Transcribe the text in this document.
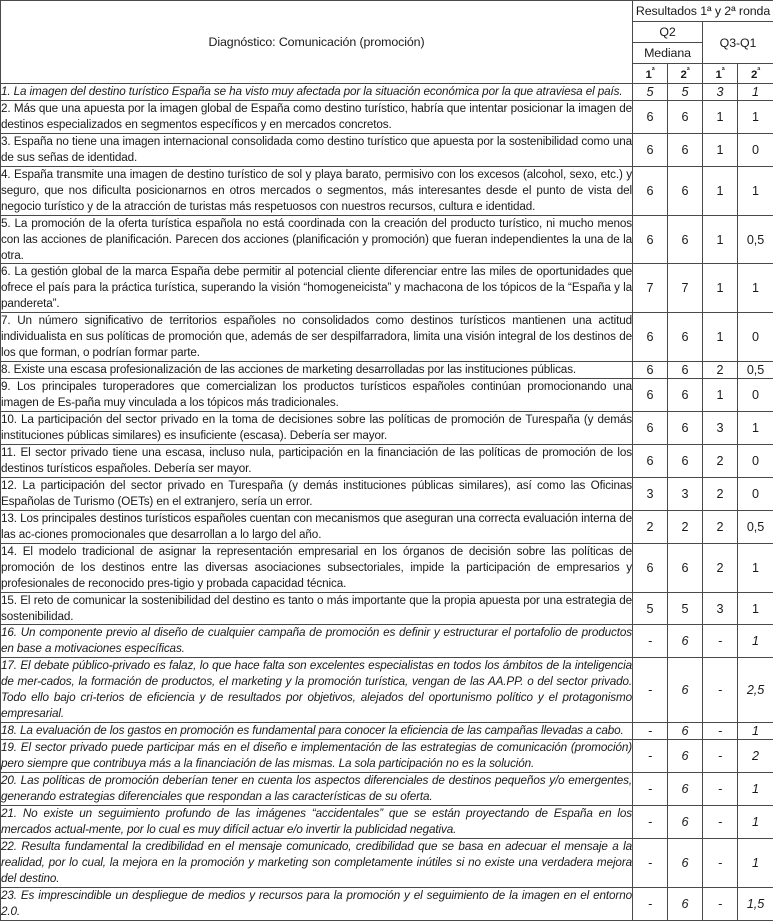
Diagnóstico: Comunicación (promoción)	Resultados 1ª y 2ª ronda			
	Q2		Q3-Q1	
	Mediana			
	$1^ª$	$2^ª$	$1^ª$	$2^ª$
1. La imagen del destino turístico España se ha visto muy afectada por la situación económica por la que atraviesa el país.	5	5	3	1
2. Más que una apuesta por la imagen global de España como destino turístico, habría que intentar posicionar la imagen de destinos especializados en segmentos específicos y en mercados concretos.	6	6	1	1
3. España no tiene una imagen internacional consolidada como destino turístico que apuesta por la sostenibilidad como una de sus señas de identidad.	6	6	1	0
4. España transmite una imagen de destino turístico de sol y playa barato, permisivo con los excesos (alcohol, sexo, etc.) y seguro, que nos dificulta posicionarnos en otros mercados o segmentos, más interesantes desde el punto de vista del negocio turístico y de la atracción de turistas más respetuosos con nuestros recursos, cultura e identidad.	6	6	1	1
5. La promoción de la oferta turística española no está coordinada con la creación del producto turístico, ni mucho menos con las acciones de planificación. Parecen dos acciones (planificación y promoción) que fueran independientes la una de la otra.	6	6	1	0,5
6. La gestión global de la marca España debe permitir al potencial cliente diferenciar entre las miles de oportunidades que ofrece el país para la práctica turística, superando la visión “homogeneicista” y machacona de los tópicos de la “España y la pandereta”.	7	7	1	1
7. Un número significativo de territorios españoles no consolidados como destinos turísticos mantienen una actitud individualista en sus políticas de promoción que, además de ser despilfarradora, limita una visión integral de los destinos de los que forman, o podrían formar parte.	6	6	1	0
8. Existe una escasa profesionalización de las acciones de marketing desarrolladas por las instituciones públicas.	6	6	2	0,5
9. Los principales turoperadores que comercializan los productos turísticos españoles continúan promocionando una imagen de Es-paña muy vinculada a los tópicos más tradicionales.	6	6	1	0
10. La participación del sector privado en la toma de decisiones sobre las políticas de promoción de Turespaña (y demás instituciones públicas similares) es insuficiente (escasa). Debería ser mayor.	6	6	3	1
11. El sector privado tiene una escasa, incluso nula, participación en la financiación de las políticas de promoción de los destinos turísticos españoles. Debería ser mayor.	6	6	2	0
12. La participación del sector privado en Turespaña (y demás instituciones públicas similares), así como las Oficinas Españolas de Turismo (OETs) en el extranjero, sería un error.	3	3	2	0
13. Los principales destinos turísticos españoles cuentan con mecanismos que aseguran una correcta evaluación interna de las ac-ciones promocionales que desarrollan a lo largo del año.	2	2	2	0,5
14. El modelo tradicional de asignar la representación empresarial en los órganos de decisión sobre las políticas de promoción de los destinos entre las diversas asociaciones subsectoriales, impide la participación de empresarios y profesionales de reconocido pres-tigio y probada capacidad técnica.	6	6	2	1
15. El reto de comunicar la sostenibilidad del destino es tanto o más importante que la propia apuesta por una estrategia de sostenibilidad.	5	5	3	1
16. Un componente previo al diseño de cualquier campaña de promoción es definir y estructurar el portafolio de productos en base a motivaciones específicas.	-	6	-	1
17. El debate público-privado es falaz, lo que hace falta son excelentes especialistas en todos los ámbitos de la inteligencia de mer-cados, la formación de productos, el marketing y la promoción turística, vengan de las AA.PP. o del sector privado. Todo ello bajo cri-terios de eficiencia y de resultados por objetivos, alejados del oportunismo político y el protagonismo empresarial.	-	6	-	2,5
18. La evaluación de los gastos en promoción es fundamental para conocer la eficiencia de las campañas llevadas a cabo.	-	6	-	1
19. El sector privado puede participar más en el diseño e implementación de las estrategias de comunicación (promoción) pero siempre que contribuya más a la financiación de las mismas. La sola participación no es la solución.	-	6	-	2
20. Las políticas de promoción deberían tener en cuenta los aspectos diferenciales de destinos pequeños y/o emergentes, generando estrategias diferenciales que respondan a las características de su oferta.	-	6	-	1
21. No existe un seguimiento profundo de las imágenes “accidentales” que se están proyectando de España en los mercados actual-mente, por lo cual es muy difícil actuar e/o invertir la publicidad negativa.	-	6	-	1
22. Resulta fundamental la credibilidad en el mensaje comunicado, credibilidad que se basa en adecuar el mensaje a la realidad, por lo cual, la mejora en la promoción y marketing son completamente inútiles si no existe una verdadera mejora del destino.	-	6	-	1
23. Es imprescindible un despliegue de medios y recursos para la promoción y el seguimiento de la imagen en el entorno 2.0.	-	6	-	1,5
